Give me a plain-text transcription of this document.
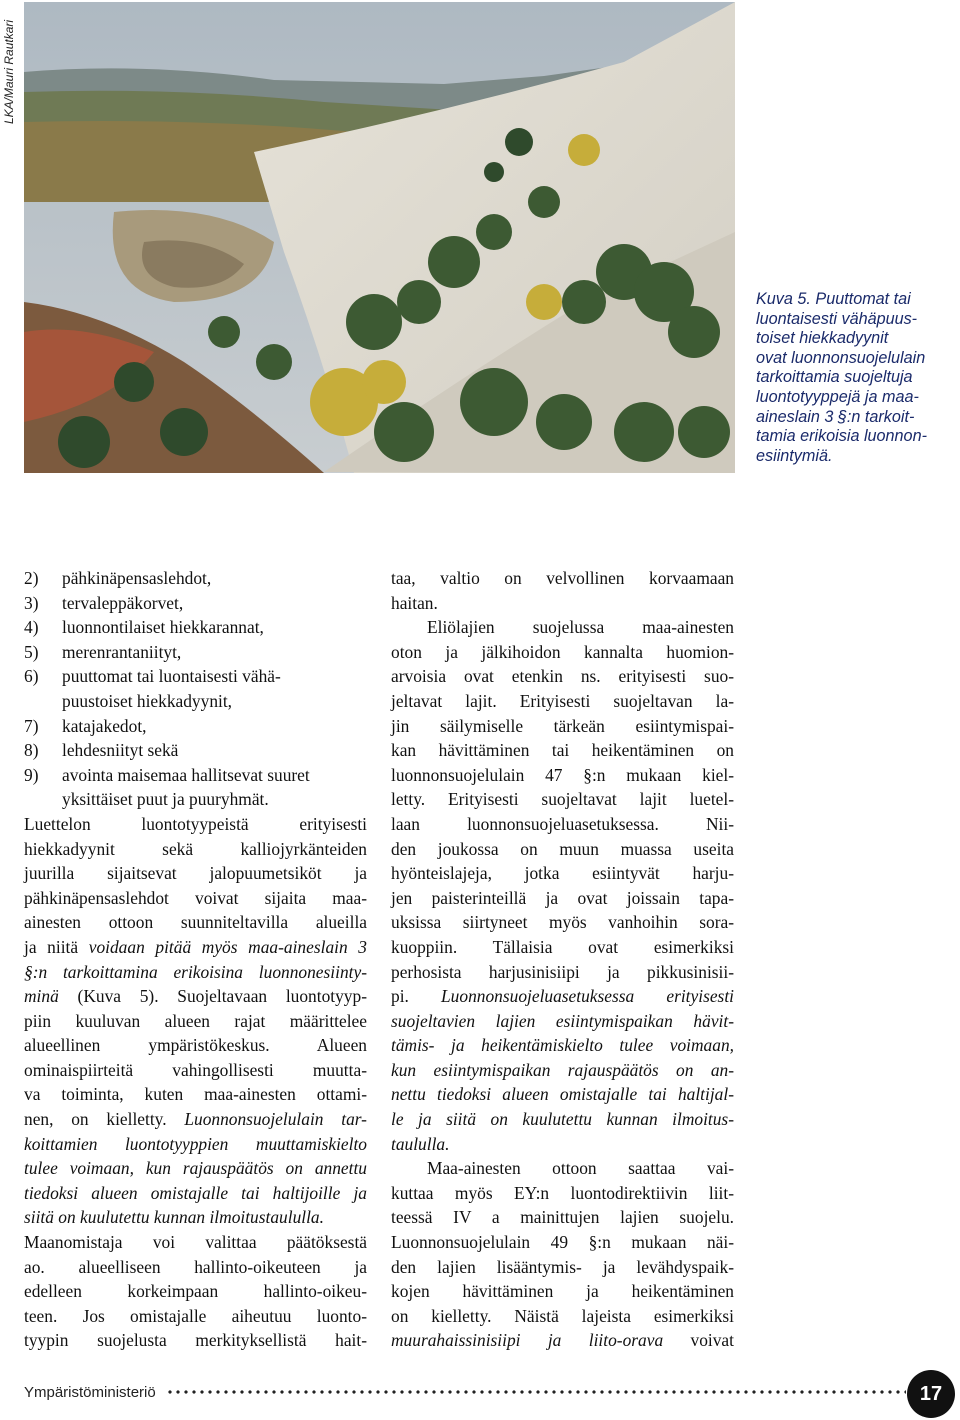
LKA/Mauri Rautkari
Kuva 5. Puuttomat tai
luontaisesti vähäpuus-
toiset hiekkadyynit
ovat luonnonsuojelulain
tarkoittamia suojeltuja
luontotyyppejä ja maa-
aineslain 3 §:n tarkoit-
tamia erikoisia luonnon-
esiintymiä.
2) pähkinäpensaslehdot,
3) tervaleppäkorvet,
4) luonnontilaiset hiekkarannat,
5) merenrantaniityt,
6) puuttomat tai luontaisesti vähä-
puustoiset hiekkadyynit,
7) katajakedot,
8) lehdesniityt sekä
9) avointa maisemaa hallitsevat suuret
yksittäiset puut ja puuryhmät.
Luettelon luontotyypeistä erityisesti
hiekkadyynit sekä kalliojyrkänteiden
juurilla sijaitsevat jalopuumetsiköt ja
pähkinäpensaslehdot voivat sijaita maa-
ainesten ottoon suunniteltavilla alueilla
ja niitä voidaan pitää myös maa-aineslain 3
§:n tarkoittamina erikoisina luonnonesiinty-
minä (Kuva 5). Suojeltavaan luontotyyp-
piin kuuluvan alueen rajat määrittelee
alueellinen ympäristökeskus. Alueen
ominaispiirteitä vahingollisesti muutta-
va toiminta, kuten maa-ainesten ottami-
nen, on kielletty. Luonnonsuojelulain tar-
koittamien luontotyyppien muuttamiskielto
tulee voimaan, kun rajauspäätös on annettu
tiedoksi alueen omistajalle tai haltijoille ja
siitä on kuulutettu kunnan ilmoitustaululla.
Maanomistaja voi valittaa päätöksestä
ao. alueelliseen hallinto-oikeuteen ja
edelleen korkeimpaan hallinto-oikeu-
teen. Jos omistajalle aiheutuu luonto-
tyypin suojelusta merkityksellistä hait-
taa, valtio on velvollinen korvaamaan
haitan.
Eliölajien suojelussa maa-ainesten
oton ja jälkihoidon kannalta huomion-
arvoisia ovat etenkin ns. erityisesti suo-
jeltavat lajit. Erityisesti suojeltavan la-
jin säilymiselle tärkeän esiintymispai-
kan hävittäminen tai heikentäminen on
luonnonsuojelulain 47 §:n mukaan kiel-
letty. Erityisesti suojeltavat lajit luetel-
laan luonnonsuojeluasetuksessa. Nii-
den joukossa on muun muassa useita
hyönteislajeja, jotka esiintyvät harju-
jen paisterinteillä ja ovat joissain tapa-
uksissa siirtyneet myös vanhoihin sora-
kuoppiin. Tällaisia ovat esimerkiksi
perhosista harjusinisiipi ja pikkusinisii-
pi. Luonnonsuojeluasetuksessa erityisesti
suojeltavien lajien esiintymispaikan hävit-
tämis- ja heikentämiskielto tulee voimaan,
kun esiintymispaikan rajauspäätös on an-
nettu tiedoksi alueen omistajalle tai haltijal-
le ja siitä on kuulutettu kunnan ilmoitus-
taululla.
Maa-ainesten ottoon saattaa vai-
kuttaa myös EY:n luontodirektiivin liit-
teessä IV a mainittujen lajien suojelu.
Luonnonsuojelulain 49 §:n mukaan näi-
den lajien lisääntymis- ja levähdyspaik-
kojen hävittäminen ja heikentäminen
on kielletty. Näistä lajeista esimerkiksi
muurahaissinisiipi ja liito-orava voivat
Ympäristöministeriö	17
